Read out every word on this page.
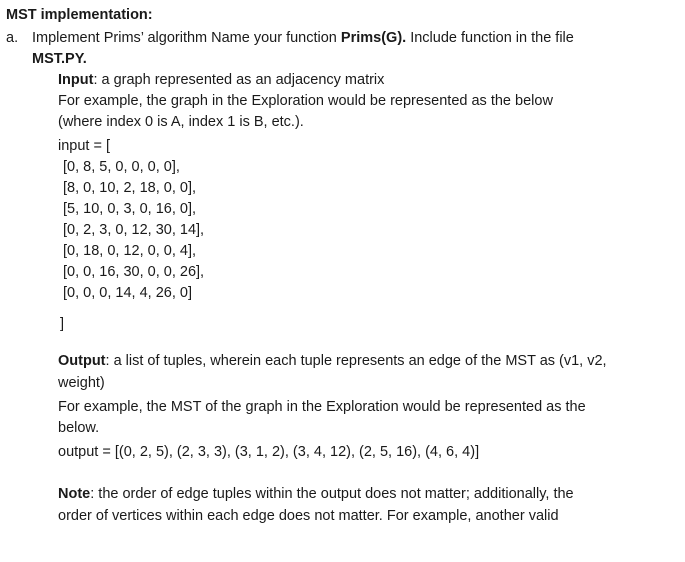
MST implementation:
a. Implement Prims’ algorithm Name your function Prims(G). Include function in the file
MST.PY.
Input: a graph represented as an adjacency matrix
For example, the graph in the Exploration would be represented as the below
(where index 0 is A, index 1 is B, etc.).
input = [
[0, 8, 5, 0, 0, 0, 0],
[8, 0, 10, 2, 18, 0, 0],
[5, 10, 0, 3, 0, 16, 0],
[0, 2, 3, 0, 12, 30, 14],
[0, 18, 0, 12, 0, 0, 4],
[0, 0, 16, 30, 0, 0, 26],
[0, 0, 0, 14, 4, 26, 0]
]
Output: a list of tuples, wherein each tuple represents an edge of the MST as (v1, v2,
weight)
For example, the MST of the graph in the Exploration would be represented as the
below.
output = [(0, 2, 5), (2, 3, 3), (3, 1, 2), (3, 4, 12), (2, 5, 16), (4, 6, 4)]
Note: the order of edge tuples within the output does not matter; additionally, the
order of vertices within each edge does not matter. For example, another valid
